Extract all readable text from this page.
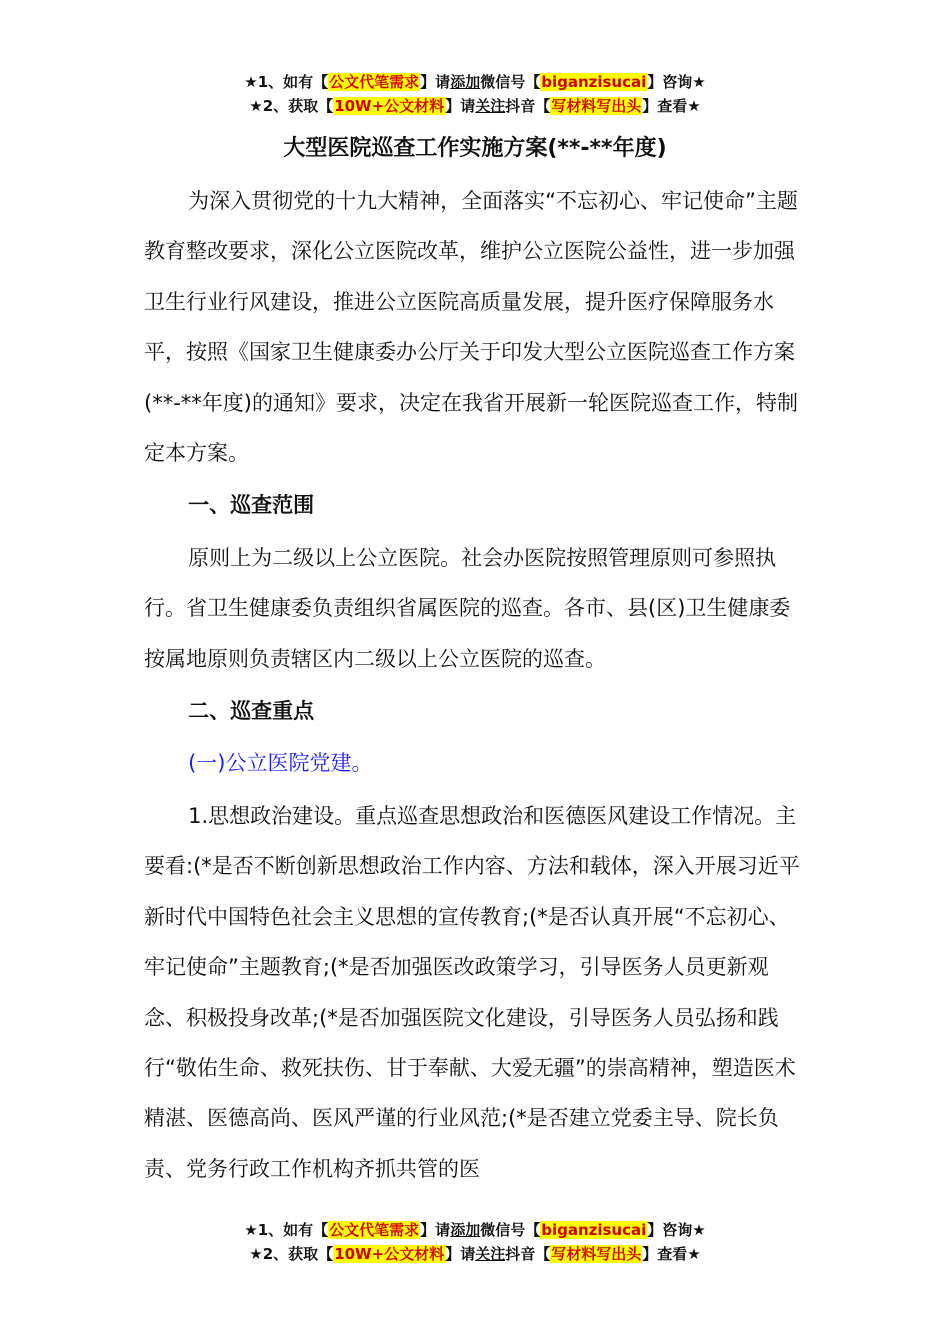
★1、如有【公文代笔需求】请添加微信号【biganzisucai】咨询★
★2、获取【10W+公文材料】请关注抖音【写材料写出头】查看★
大型医院巡查工作实施方案(**-**年度)

为深入贯彻党的十九大精神，全面落实“不忘初心、牢记使命”主题教育整改要求，深化公立医院改革，维护公立医院公益性，进一步加强卫生行业行风建设，推进公立医院高质量发展，提升医疗保障服务水平，按照《国家卫生健康委办公厅关于印发大型公立医院巡查工作方案(**-**年度)的通知》要求，决定在我省开展新一轮医院巡查工作，特制定本方案。

一、巡查范围

原则上为二级以上公立医院。社会办医院按照管理原则可参照执行。省卫生健康委负责组织省属医院的巡查。各市、县(区)卫生健康委按属地原则负责辖区内二级以上公立医院的巡查。

二、巡查重点

(一)公立医院党建。

1.思想政治建设。重点巡查思想政治和医德医风建设工作情况。主要看:(*是否不断创新思想政治工作内容、方法和载体，深入开展习近平新时代中国特色社会主义思想的宣传教育;(*是否认真开展“不忘初心、牢记使命”主题教育;(*是否加强医改政策学习，引导医务人员更新观念、积极投身改革;(*是否加强医院文化建设，引导医务人员弘扬和践行“敬佑生命、救死扶伤、甘于奉献、大爱无疆”的崇高精神，塑造医术精湛、医德高尚、医风严谨的行业风范;(*是否建立党委主导、院长负责、党务行政工作机构齐抓共管的医

★1、如有【公文代笔需求】请添加微信号【biganzisucai】咨询★
★2、获取【10W+公文材料】请关注抖音【写材料写出头】查看★
